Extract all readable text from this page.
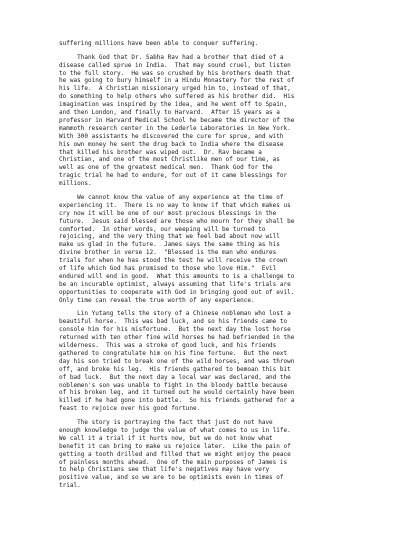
suffering millions have been able to conquer suffering.

Thank God that Dr. Sabha Rav had a brother that died of a
disease called sprue in India.  That may sound cruel, but listen
to the full story.  He was so crushed by his brothers death that
he was going to bury himself in a Hindu Monastery for the rest of
his life.  A Christian missionary urged him to, instead of that,
do something to help others who suffered as his brother did.  His
imagination was inspired by the idea, and he went off to Spain,
and then London, and finally to Harvard.  After 15 years as a
professor in Harvard Medical School he became the director of the
mammoth research center in the Lederle Laboratories in New York.
With 300 assistants he discovered the cure for sprue, and with
his own money he sent the drug back to India where the disease
that killed his brother was wiped out.  Dr. Rav became a
Christian, and one of the most Christlike men of our time, as
well as one of the greatest medical men.  Thank God for the
tragic trial he had to endure, for out of it came blessings for
millions.

We cannot know the value of any experience at the time of
experiencing it.  There is no way to know if that which makes us
cry now it will be one of our most precious blessings in the
future.  Jesus said blessed are those who mourn for they shall be
comforted.  In other words, our weeping will be turned to
rejoicing, and the very thing that we feel bad about now will
make us glad in the future.  James says the same thing as his
divine brother in verse 12.  "Blessed is the man who endures
trials for when he has stood the test he will receive the crown
of life which God has promised to those who love Him."  Evil
endured will end in good.  What this amounts to is a challenge to
be an incurable optimist, always assuming that life's trials are
opportunities to cooperate with God in bringing good out of evil.
Only time can reveal the true worth of any experience.

Lin Yutang tells the story of a Chinese nobleman who lost a
beautiful horse.  This was bad luck, and so his friends came to
console him for his misfortune.  But the next day the lost horse
returned with ten other fine wild horses he had befriended in the
wilderness.  This was a stroke of good luck, and his friends
gathered to congratulate him on his fine fortune.  But the next
day his son tried to break one of the wild horses, and was thrown
off, and broke his leg.  His friends gathered to bemoan this bit
of bad luck.  But the next day a local war was declared, and the
noblemen's son was unable to fight in the bloody battle because
of his broken leg, and it turned out he would certainly have been
killed if he had gone into battle.  So his friends gathered for a
feast to rejoice over his good fortune.

The story is portraying the fact that just do not have
enough knowledge to judge the value of what comes to us in life.
We call it a trial if it hurts now, but we do not know what
benefit it can bring to make us rejoice later.  Like the pain of
getting a tooth drilled and filled that we might enjoy the peace
of painless months ahead.  One of the main purposes of James is
to help Christians see that life's negatives may have very
positive value, and so we are to be optimists even in times of
trial.
